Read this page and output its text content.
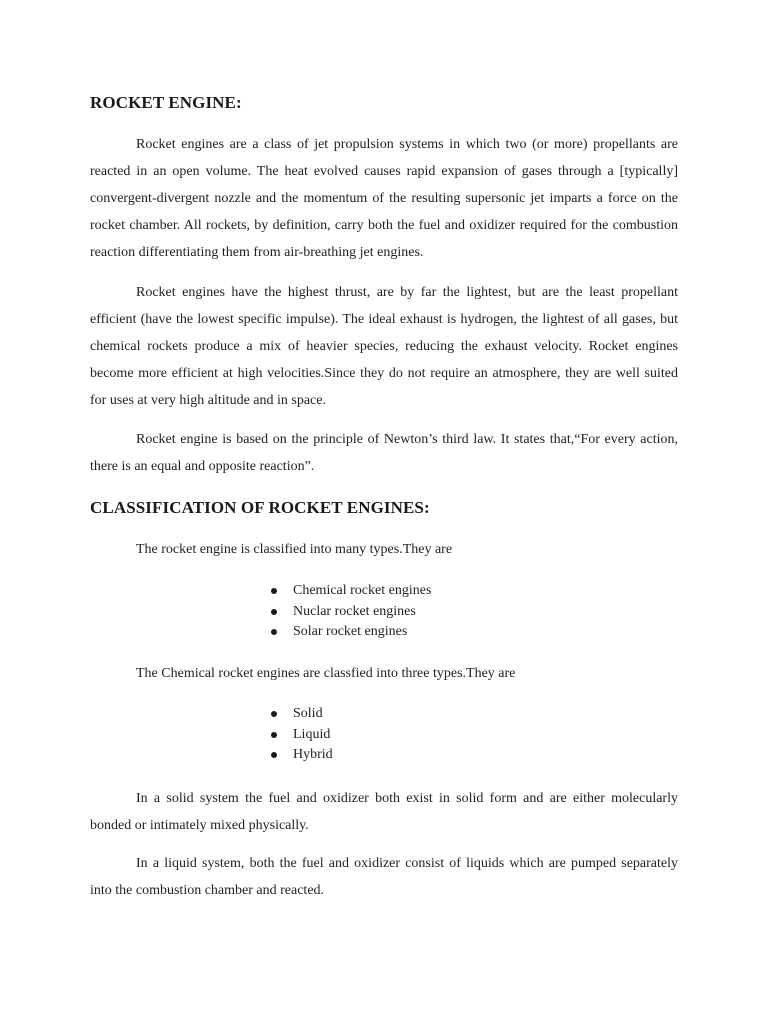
ROCKET ENGINE:

Rocket engines are a class of jet propulsion systems in which two (or more) propellants are reacted in an open volume. The heat evolved causes rapid expansion of gases through a [typically] convergent-divergent nozzle and the momentum of the resulting supersonic jet imparts a force on the rocket chamber. All rockets, by definition, carry both the fuel and oxidizer required for the combustion reaction differentiating them from air-breathing jet engines.

Rocket engines have the highest thrust, are by far the lightest, but are the least propellant efficient (have the lowest specific impulse). The ideal exhaust is hydrogen, the lightest of all gases, but chemical rockets produce a mix of heavier species, reducing the exhaust velocity. Rocket engines become more efficient at high velocities.Since they do not require an atmosphere, they are well suited for uses at very high altitude and in space.

Rocket engine is based on the principle of Newton’s third law. It states that,“For every action, there is an equal and opposite reaction”.

CLASSIFICATION OF ROCKET ENGINES:

The rocket engine is classified into many types.They are

Chemical rocket engines
Nuclar rocket engines
Solar rocket engines

The Chemical rocket engines are classfied into three types.They are

Solid
Liquid
Hybrid

In a solid system the fuel and oxidizer both exist in solid form and are either molecularly bonded or intimately mixed physically.

In a liquid system, both the fuel and oxidizer consist of liquids which are pumped separately into the combustion chamber and reacted.
